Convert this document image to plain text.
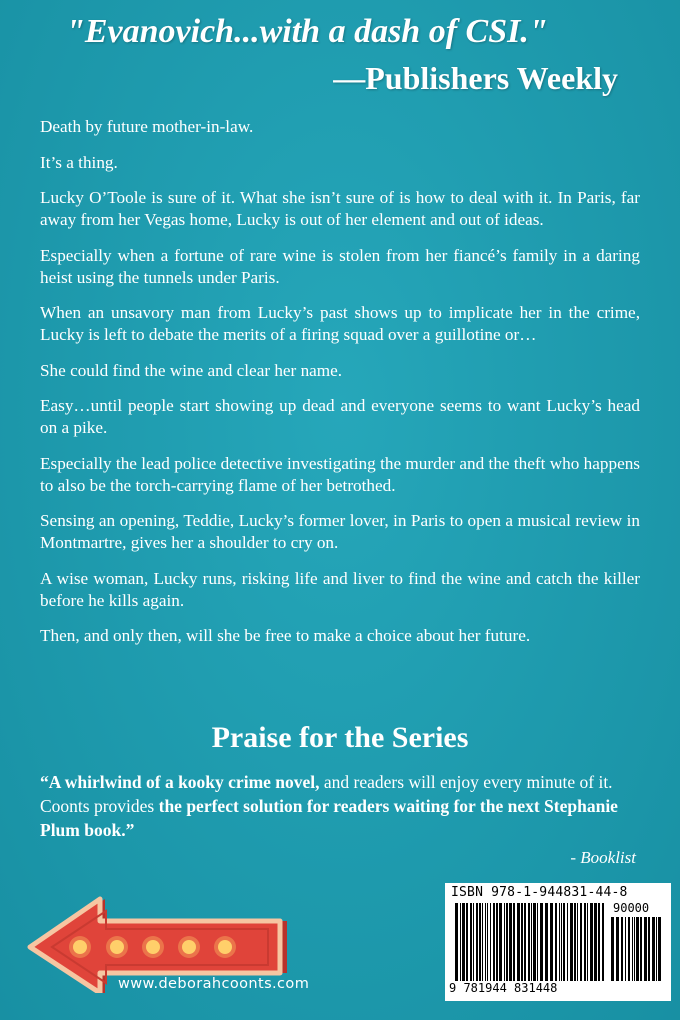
"Evanovich...with a dash of CSI."
—Publishers Weekly

Death by future mother-in-law.

It’s a thing.

Lucky O’Toole is sure of it. What she isn’t sure of is how to deal with it. In Paris, far away from her Vegas home, Lucky is out of her element and out of ideas.

Especially when a fortune of rare wine is stolen from her fiancé’s family in a daring heist using the tunnels under Paris.

When an unsavory man from Lucky’s past shows up to implicate her in the crime, Lucky is left to debate the merits of a firing squad over a guillotine or…

She could find the wine and clear her name.

Easy…until people start showing up dead and everyone seems to want Lucky’s head on a pike.

Especially the lead police detective investigating the murder and the theft who happens to also be the torch-carrying flame of her betrothed.

Sensing an opening, Teddie, Lucky’s former lover, in Paris to open a musical review in Montmartre, gives her a shoulder to cry on.

A wise woman, Lucky runs, risking life and liver to find the wine and catch the killer before he kills again.

Then, and only then, will she be free to make a choice about her future.

Praise for the Series
“A whirlwind of a kooky crime novel, and readers will enjoy every minute of it. Coonts provides the perfect solution for readers waiting for the next Stephanie Plum book.”
- Booklist
www.deborahcoonts.com
ISBN 978-1-944831-44-8
90000
9 781944 831448
